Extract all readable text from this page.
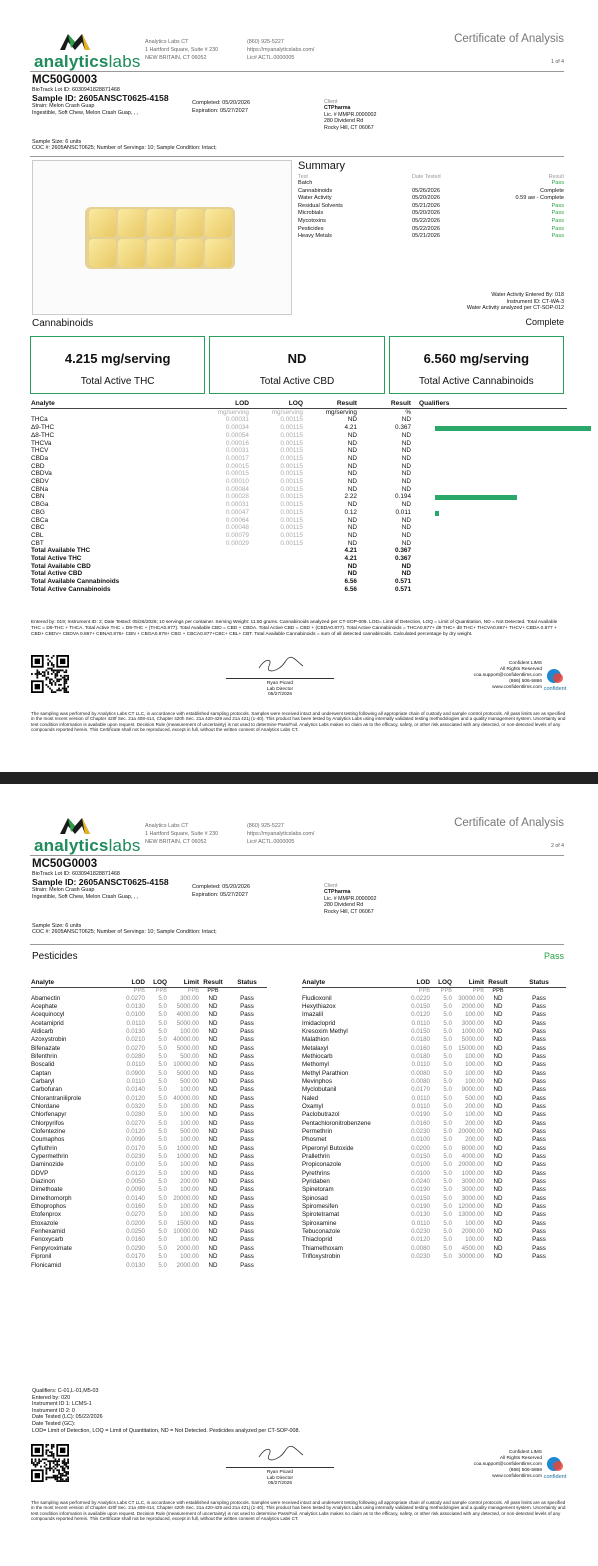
analyticslabs
Analytics Labs CT
1 Hartford Square, Suite # 230
NEW BRITAIN, CT 06052
(860) 925-5227
https://myanalyticslabs.com/
Lic# ACTL.0000005
Certificate of Analysis
1 of 4
MC50G0003
BioTrack Lot ID: 6030941828871468
Sample ID: 2605ANSCT0625-4158
Strain: Melon Crash Guap
Ingestible, Soft Chew, Melon Crash Guap, , ,
Completed: 05/20/2026
Expiration: 05/27/2027
Client
CTPharma
Lic. # MMPR.0000002
280 Dividend Rd
Rocky Hill, CT 06067
Sample Size: 6 units
COC #: 2605ANSCT0625; Number of Servings: 10; Sample Condition: Intact;
Summary
Test	Date Tested	Result
Batch	Pass
Cannabinoids	05/26/2026	Complete
Water Activity	05/20/2026	0.59 aw - Complete
Residual Solvents	05/21/2026	Pass
Microbials	05/20/2026	Pass
Mycotoxins	05/22/2026	Pass
Pesticides	05/22/2026	Pass
Heavy Metals	05/21/2026	Pass
Water Activity Entered By: 018
Instrument ID: CT-WA-3
Water Activity analyzed per CT-SOP-012
Cannabinoids	Complete
4.215 mg/serving
Total Active THC
ND
Total Active CBD
6.560 mg/serving
Total Active Cannabinoids
Analyte	LOD	LOQ	Result	Result	Qualifiers
	mg/serving	mg/serving	mg/serving	%	
THCa	0.00031	0.00115	ND	ND	
Δ9-THC	0.00034	0.00115	4.21	0.367	

Δ8-THC	0.00054	0.00115	ND	ND	
THCVa	0.00016	0.00115	ND	ND	
THCV	0.00031	0.00115	ND	ND	
CBDa	0.00017	0.00115	ND	ND	
CBD	0.00015	0.00115	ND	ND	
CBDVa	0.00015	0.00115	ND	ND	
CBDV	0.00010	0.00115	ND	ND	
CBNa	0.00084	0.00115	ND	ND	
CBN	0.00028	0.00115	2.22	0.194	

CBGa	0.00031	0.00115	ND	ND	
CBG	0.00047	0.00115	0.12	0.011	

CBCa	0.00064	0.00115	ND	ND	
CBC	0.00048	0.00115	ND	ND	
CBL	0.00079	0.00115	ND	ND	
CBT	0.00029	0.00115	ND	ND	
Total Available THC			4.21	0.367	
Total Active THC			4.21	0.367	
Total Available CBD			ND	ND	
Total Active CBD			ND	ND	
Total Available Cannabinoids			6.56	0.571	
Total Active Cannabinoids			6.56	0.571	
Entered by: 019; Instrument ID: 2; Date Tested: 05/26/2026; 10 servings per container. Serving Weight: 11.50 grams. Cannabinoids analyzed per CT-SOP-009. LOD= Limit of Detection, LOQ = Limit of Quantitation, ND = Not Detected. Total Available THC = D9-THC + THCA. Total Active THC = D9-THC + (THCA0.877). Total Available CBD = CBD + CBDA. Total Active CBD = CBD + (CBDA0.877). Total Active Cannabinoids = THCA0.877+ d9 THC+ d8 THC+ THCVA0.867+ THCV+ CBDA 0.877 + CBD+ CBDV+ CBDVA 0.867+ CBNA0.876+ CBN + CBGA0.878+ CBG + CBCA0.877+CBC+ CBL+ CBT. Total Available Cannabinoids = sum of all detected cannabinoids. Calculated percentage by dry weight.
Ryan Picard
Lab Director
05/27/2026
Confident LIMS
All Rights Reserved
coa.support@confidentlims.com
(866) 506-5866
www.confidentlims.com confident
The sampling was performed by Analytics Labs CT LLC, in accordance with established sampling protocols. Samples were received intact and underwent testing following all appropriate chain of custody and sample control protocols. All pass limits are as specified in the most recent version of Chapter 420f Sec. 21a 408-414, Chapter 420h Sec. 21a 420-429 and 21a 421j (1-40). This product has been tested by Analytics Labs using internally validated testing methodologies and a quality management system. Uncertainty and test condition information is available upon request. Decision Rule (measurement of uncertainty) is not used to determine Pass/Fail. Analytics Labs makes no claim as to the efficacy, safety, or other risk associated with any detected, or non-detected levels of any compounds reported herein. This Certificate shall not be reproduced, except in full, without the written consent of Analytics Labs CT.
analyticslabs
Analytics Labs CT
1 Hartford Square, Suite # 230
NEW BRITAIN, CT 06052
(860) 925-5227
https://myanalyticslabs.com/
Lic# ACTL.0000005
Certificate of Analysis
2 of 4
MC50G0003
BioTrack Lot ID: 6030941828871468
Sample ID: 2605ANSCT0625-4158
Strain: Melon Crash Guap
Ingestible, Soft Chew, Melon Crash Guap, , ,
Completed: 05/20/2026
Expiration: 05/27/2027
Client
CTPharma
Lic. # MMPR.0000002
280 Dividend Rd
Rocky Hill, CT 06067
Sample Size: 6 units
COC #: 2605ANSCT0625; Number of Servings: 10; Sample Condition: Intact;
Pesticides	Pass
Analyte	LOD	LOQ	Limit	Result	Status
	PPB	PPB	PPB	PPB	
Abamectin	0.0270	5.0	300.00	ND	Pass
Acephate	0.0130	5.0	5000.00	ND	Pass
Acequinocyl	0.0100	5.0	4000.00	ND	Pass
Acetamiprid	0.0110	5.0	5000.00	ND	Pass
Aldicarb	0.0130	5.0	100.00	ND	Pass
Azoxystrobin	0.0210	5.0	40000.00	ND	Pass
Bifenazate	0.0270	5.0	5000.00	ND	Pass
Bifenthrin	0.0280	5.0	500.00	ND	Pass
Boscalid	0.0110	5.0	10000.00	ND	Pass
Captan	0.0900	5.0	5000.00	ND	Pass
Carbaryl	0.0110	5.0	500.00	ND	Pass
Carbofuran	0.0140	5.0	100.00	ND	Pass
Chlorantraniliprole	0.0120	5.0	40000.00	ND	Pass
Chlordane	0.0320	5.0	100.00	ND	Pass
Chlorfenapyr	0.0280	5.0	100.00	ND	Pass
Chlorpyrifos	0.0270	5.0	100.00	ND	Pass
Clofentezine	0.0120	5.0	500.00	ND	Pass
Coumaphos	0.0090	5.0	100.00	ND	Pass
Cyfluthrin	0.0170	5.0	1000.00	ND	Pass
Cypermethrin	0.0230	5.0	1000.00	ND	Pass
Daminozide	0.0100	5.0	100.00	ND	Pass
DDVP	0.0120	5.0	100.00	ND	Pass
Diazinon	0.0050	5.0	200.00	ND	Pass
Dimethoate	0.0090	5.0	100.00	ND	Pass
Dimethomorph	0.0140	5.0	20000.00	ND	Pass
Ethoprophos	0.0160	5.0	100.00	ND	Pass
Etofenprox	0.0270	5.0	100.00	ND	Pass
Etoxazole	0.0200	5.0	1500.00	ND	Pass
Fenhexamid	0.0250	5.0	10000.00	ND	Pass
Fenoxycarb	0.0160	5.0	100.00	ND	Pass
Fenpyroximate	0.0290	5.0	2000.00	ND	Pass
Fipronil	0.0170	5.0	100.00	ND	Pass
Flonicamid	0.0130	5.0	2000.00	ND	Pass
Analyte	LOD	LOQ	Limit	Result	Status
	PPB	PPB	PPB	PPB	
Fludioxonil	0.0220	5.0	30000.00	ND	Pass
Hexythiazox	0.0150	5.0	2000.00	ND	Pass
Imazalil	0.0120	5.0	100.00	ND	Pass
Imidacloprid	0.0110	5.0	3000.00	ND	Pass
Kresoxim Methyl	0.0150	5.0	1000.00	ND	Pass
Malathion	0.0180	5.0	5000.00	ND	Pass
Metalaxyl	0.0160	5.0	15000.00	ND	Pass
Methiocarb	0.0180	5.0	100.00	ND	Pass
Methomyl	0.0110	5.0	100.00	ND	Pass
Methyl Parathion	0.0080	5.0	100.00	ND	Pass
Mevinphos	0.0080	5.0	100.00	ND	Pass
Myclobutanil	0.0170	5.0	9000.00	ND	Pass
Naled	0.0110	5.0	500.00	ND	Pass
Oxamyl	0.0110	5.0	200.00	ND	Pass
Paclobutrazol	0.0190	5.0	100.00	ND	Pass
Pentachloronitrobenzene	0.0160	5.0	200.00	ND	Pass
Permethrin	0.0230	5.0	20000.00	ND	Pass
Phosmet	0.0100	5.0	200.00	ND	Pass
Piperonyl Butoxide	0.0200	5.0	8000.00	ND	Pass
Prallethrin	0.0150	5.0	4000.00	ND	Pass
Propiconazole	0.0100	5.0	20000.00	ND	Pass
Pyrethrins	0.0100	5.0	1000.00	ND	Pass
Pyridaben	0.0240	5.0	3000.00	ND	Pass
Spinetoram	0.0190	5.0	3000.00	ND	Pass
Spinosad	0.0150	5.0	3000.00	ND	Pass
Spiromesifen	0.0190	5.0	12000.00	ND	Pass
Spirotetramat	0.0130	5.0	13000.00	ND	Pass
Spiroxamine	0.0110	5.0	100.00	ND	Pass
Tebuconazole	0.0230	5.0	2000.00	ND	Pass
Thiacloprid	0.0120	5.0	100.00	ND	Pass
Thiamethoxam	0.0080	5.0	4500.00	ND	Pass
Trifloxystrobin	0.0230	5.0	30000.00	ND	Pass
Qualifiers: C-01,L-01,M5-03
Entered by: 020
Instrument ID 1: LCMS-1
Instrument ID 2: 0
Date Tested (LC): 05/22/2026
Date Tested (GC):
LOD= Limit of Detection, LOQ = Limit of Quantitation, ND = Not Detected. Pesticides analyzed per CT-SOP-008.
Ryan Picard
Lab Director
05/27/2026
Confident LIMS
All Rights Reserved
coa.support@confidentlims.com
(866) 506-5866
www.confidentlims.com confident
The sampling was performed by Analytics Labs CT LLC, in accordance with established sampling protocols. Samples were received intact and underwent testing following all appropriate chain of custody and sample control protocols. All pass limits are as specified in the most recent version of Chapter 420f Sec. 21a 408-414, Chapter 420h Sec. 21a 420-429 and 21a 421j (1-40). This product has been tested by Analytics Labs using internally validated testing methodologies and a quality management system. Uncertainty and test condition information is available upon request. Decision Rule (measurement of uncertainty) is not used to determine Pass/Fail. Analytics Labs makes no claim as to the efficacy, safety, or other risk associated with any detected, or non-detected levels of any compounds reported herein. This Certificate shall not be reproduced, except in full, without the written consent of Analytics Labs CT.
